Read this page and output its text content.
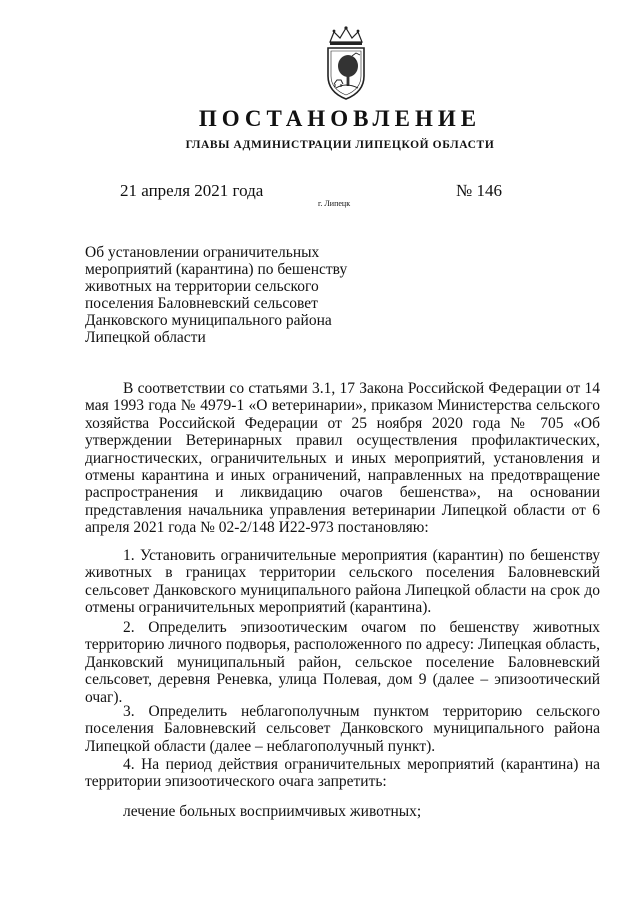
ПОСТАНОВЛЕНИЕ
ГЛАВЫ АДМИНИСТРАЦИИ ЛИПЕЦКОЙ ОБЛАСТИ
21 апреля 2021 года
г. Липецк
№ 146
Об установлении ограничительных
мероприятий (карантина) по бешенству
животных на территории сельского
поселения Баловневский сельсовет
Данковского муниципального района
Липецкой области
В соответствии со статьями 3.1, 17 Закона Российской Федерации от 14
мая 1993 года № 4979-1 «О ветеринарии», приказом Министерства сельского
хозяйства Российской Федерации от 25 ноября 2020 года № 705 «Об
утверждении Ветеринарных правил осуществления профилактических,
диагностических, ограничительных и иных мероприятий, установления и
отмены карантина и иных ограничений, направленных на предотвращение
распространения и ликвидацию очагов бешенства», на основании
представления начальника управления ветеринарии Липецкой области от 6
апреля 2021 года № 02-2/148 И22-973 постановляю:
1. Установить ограничительные мероприятия (карантин) по бешенству
животных в границах территории сельского поселения Баловневский
сельсовет Данковского муниципального района Липецкой области на срок до
отмены ограничительных мероприятий (карантина).
2. Определить эпизоотическим очагом по бешенству животных
территорию личного подворья, расположенного по адресу: Липецкая область,
Данковский муниципальный район, сельское поселение Баловневский
сельсовет, деревня Реневка, улица Полевая, дом 9 (далее – эпизоотический
очаг).
3. Определить неблагополучным пунктом территорию сельского
поселения Баловневский сельсовет Данковского муниципального района
Липецкой области (далее – неблагополучный пункт).
4. На период действия ограничительных мероприятий (карантина) на
территории эпизоотического очага запретить:
лечение больных восприимчивых животных;
